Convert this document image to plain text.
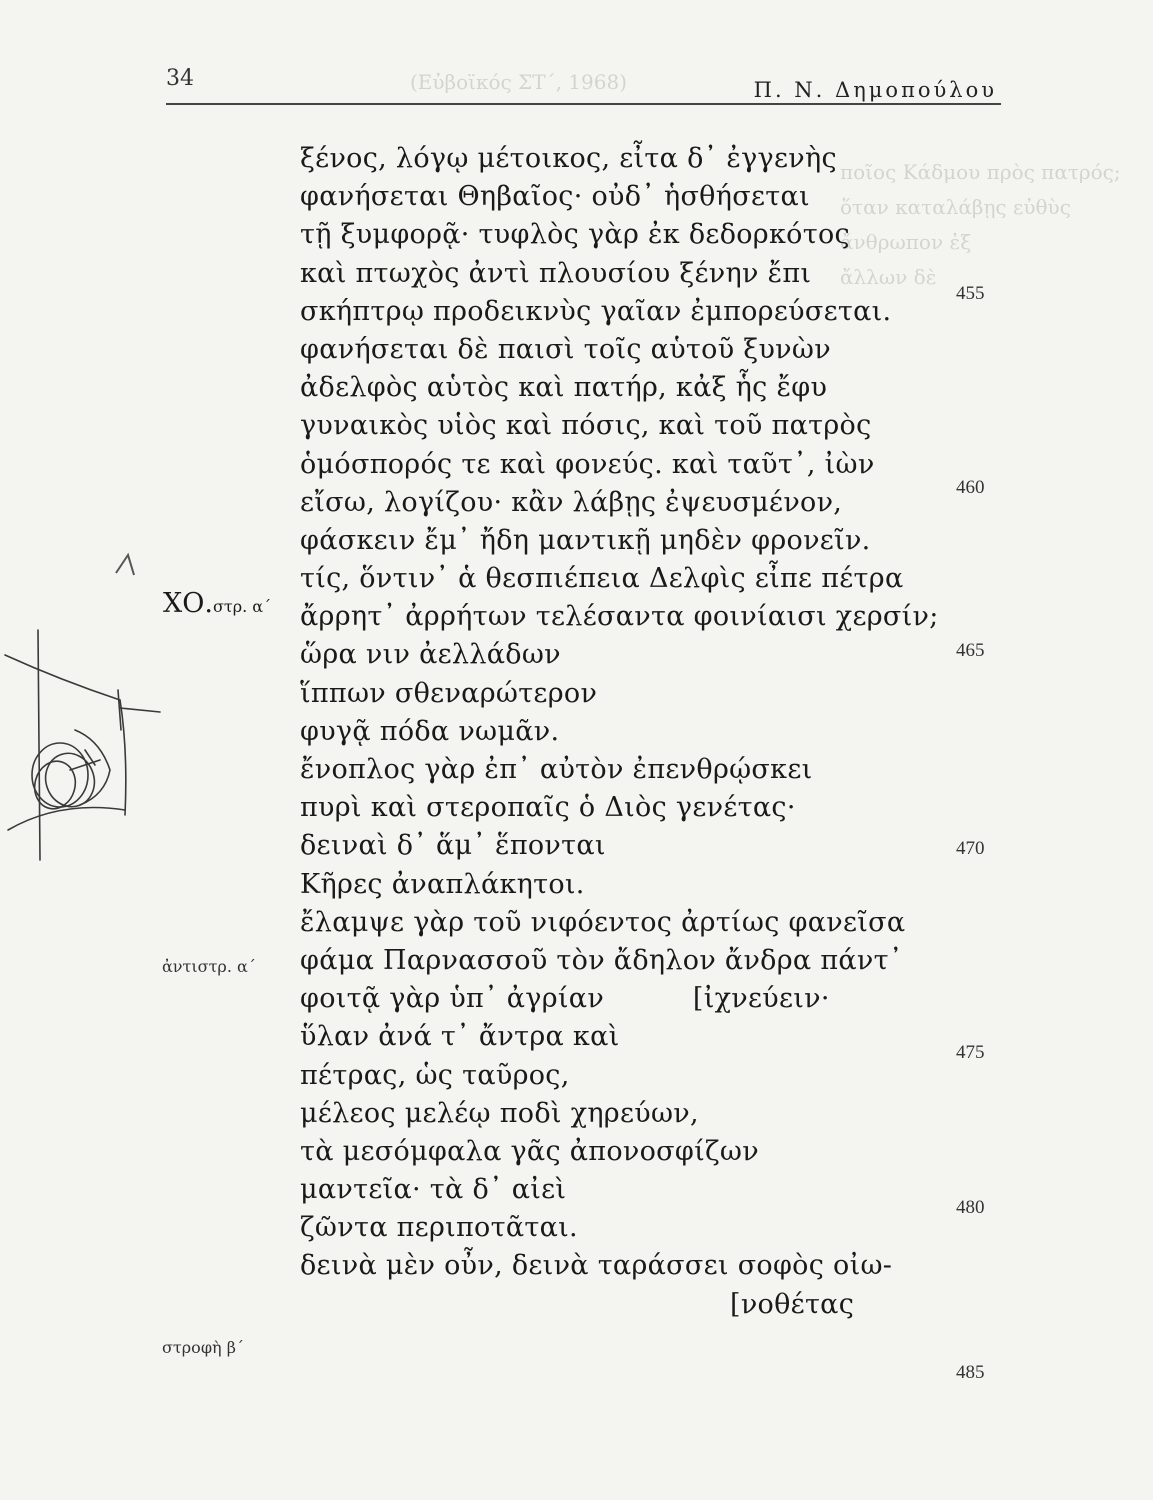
(Εὐβοϊκός ΣΤ΄, 1968)
ποῖος Κάδμου πρὸς πατρός;
ὅταν καταλάβῃς εὐθὺς
ἄνθρωπον ἐξ
ἄλλων δὲ
34	Π. Ν. Δημοπούλου
ΧΟ.στρ. α΄
ἀντιστρ. α΄
στροφὴ β΄
ξένος, λόγῳ μέτοικος, εἶτα δ᾽ ἐγγενὴς
φανήσεται Θηβαῖος· οὐδ᾽ ἡσθήσεται
τῇ ξυμφορᾷ· τυφλὸς γὰρ ἐκ δεδορκότος
καὶ πτωχὸς ἀντὶ πλουσίου ξένην ἔπι
σκήπτρῳ προδεικνὺς γαῖαν ἐμπορεύσεται.
φανήσεται δὲ παισὶ τοῖς αὑτοῦ ξυνὼν
ἀδελφὸς αὑτὸς καὶ πατήρ, κἀξ ἧς ἔφυ
γυναικὸς υἱὸς καὶ πόσις, καὶ τοῦ πατρὸς
ὁμόσπορός τε καὶ φονεύς. καὶ ταῦτ᾽, ἰὼν
εἴσω, λογίζου· κἂν λάβῃς ἐψευσμένον,
φάσκειν ἔμ᾽ ἤδη μαντικῇ μηδὲν φρονεῖν.
τίς, ὅντιν᾽ ἁ θεσπιέπεια Δελφὶς εἶπε πέτρα
ἄρρητ᾽ ἀρρήτων τελέσαντα φοινίαισι χερσίν;
ὥρα νιν ἀελλάδων
ἵππων σθεναρώτερον
φυγᾷ πόδα νωμᾶν.
ἔνοπλος γὰρ ἐπ᾽ αὐτὸν ἐπενθρῴσκει
πυρὶ καὶ στεροπαῖς ὁ Διὸς γενέτας·
δειναὶ δ᾽ ἅμ᾽ ἕπονται
Κῆρες ἀναπλάκητοι.
ἔλαμψε γὰρ τοῦ νιφόεντος ἀρτίως φανεῖσα
φάμα Παρνασσοῦ τὸν ἄδηλον ἄνδρα πάντ᾽
φοιτᾷ γὰρ ὑπ᾽ ἀγρίαν          [ἰχνεύειν·
ὕλαν ἀνά τ᾽ ἄντρα καὶ
πέτρας, ὡς ταῦρος,
μέλεος μελέῳ ποδὶ χηρεύων,
τὰ μεσόμφαλα γᾶς ἀπονοσφίζων
μαντεῖα· τὰ δ᾽ αἰεὶ
ζῶντα περιποτᾶται.
δεινὰ μὲν οὖν, δεινὰ ταράσσει σοφὸς οἰω-
[νοθέτας
455
460
465
470
475
480
485
